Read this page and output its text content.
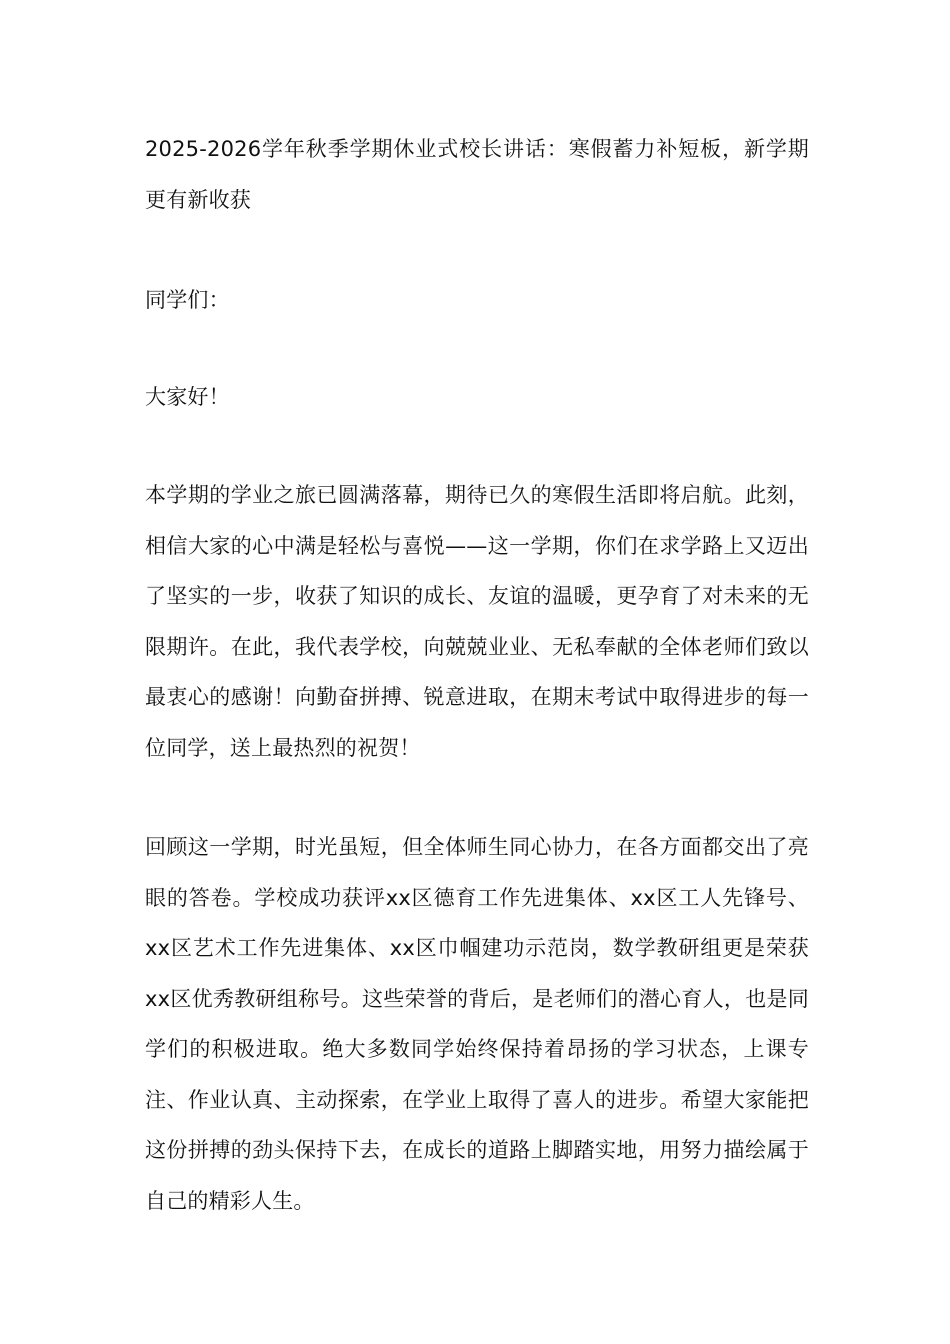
2025-2026学年秋季学期休业式校长讲话：寒假蓄力补短板，新学期更有新收获

同学们：

大家好！

本学期的学业之旅已圆满落幕，期待已久的寒假生活即将启航。此刻，相信大家的心中满是轻松与喜悦——这一学期，你们在求学路上又迈出了坚实的一步，收获了知识的成长、友谊的温暖，更孕育了对未来的无限期许。在此，我代表学校，向兢兢业业、无私奉献的全体老师们致以最衷心的感谢！向勤奋拼搏、锐意进取，在期末考试中取得进步的每一位同学，送上最热烈的祝贺！

回顾这一学期，时光虽短，但全体师生同心协力，在各方面都交出了亮眼的答卷。学校成功获评xx区德育工作先进集体、xx区工人先锋号、xx区艺术工作先进集体、xx区巾帼建功示范岗，数学教研组更是荣获xx区优秀教研组称号。这些荣誉的背后，是老师们的潜心育人，也是同学们的积极进取。绝大多数同学始终保持着昂扬的学习状态，上课专注、作业认真、主动探索，在学业上取得了喜人的进步。希望大家能把这份拼搏的劲头保持下去，在成长的道路上脚踏实地，用努力描绘属于自己的精彩人生。
